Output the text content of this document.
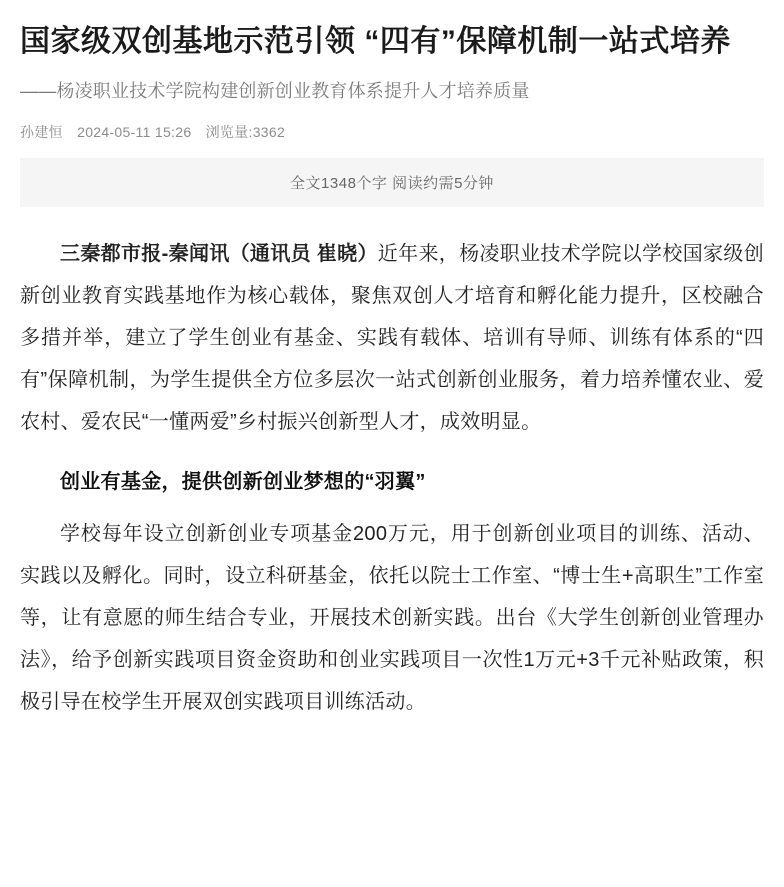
国家级双创基地示范引领 “四有”保障机制一站式培养
——杨凌职业技术学院构建创新创业教育体系提升人才培养质量
孙建恒 2024-05-11 15:26 浏览量:3362
全文1348个字 阅读约需5分钟

三秦都市报-秦闻讯（通讯员 崔晓）近年来，杨凌职业技术学院以学校国家级创新创业教育实践基地作为核心载体，聚焦双创人才培育和孵化能力提升，区校融合多措并举，建立了学生创业有基金、实践有载体、培训有导师、训练有体系的“四有”保障机制，为学生提供全方位多层次一站式创新创业服务，着力培养懂农业、爱农村、爱农民“一懂两爱”乡村振兴创新型人才，成效明显。

创业有基金，提供创新创业梦想的“羽翼”

学校每年设立创新创业专项基金200万元，用于创新创业项目的训练、活动、实践以及孵化。同时，设立科研基金，依托以院士工作室、“博士生+高职生”工作室等，让有意愿的师生结合专业，开展技术创新实践。出台《大学生创新创业管理办法》，给予创新实践项目资金资助和创业实践项目一次性1万元+3千元补贴政策，积极引导在校学生开展双创实践项目训练活动。
